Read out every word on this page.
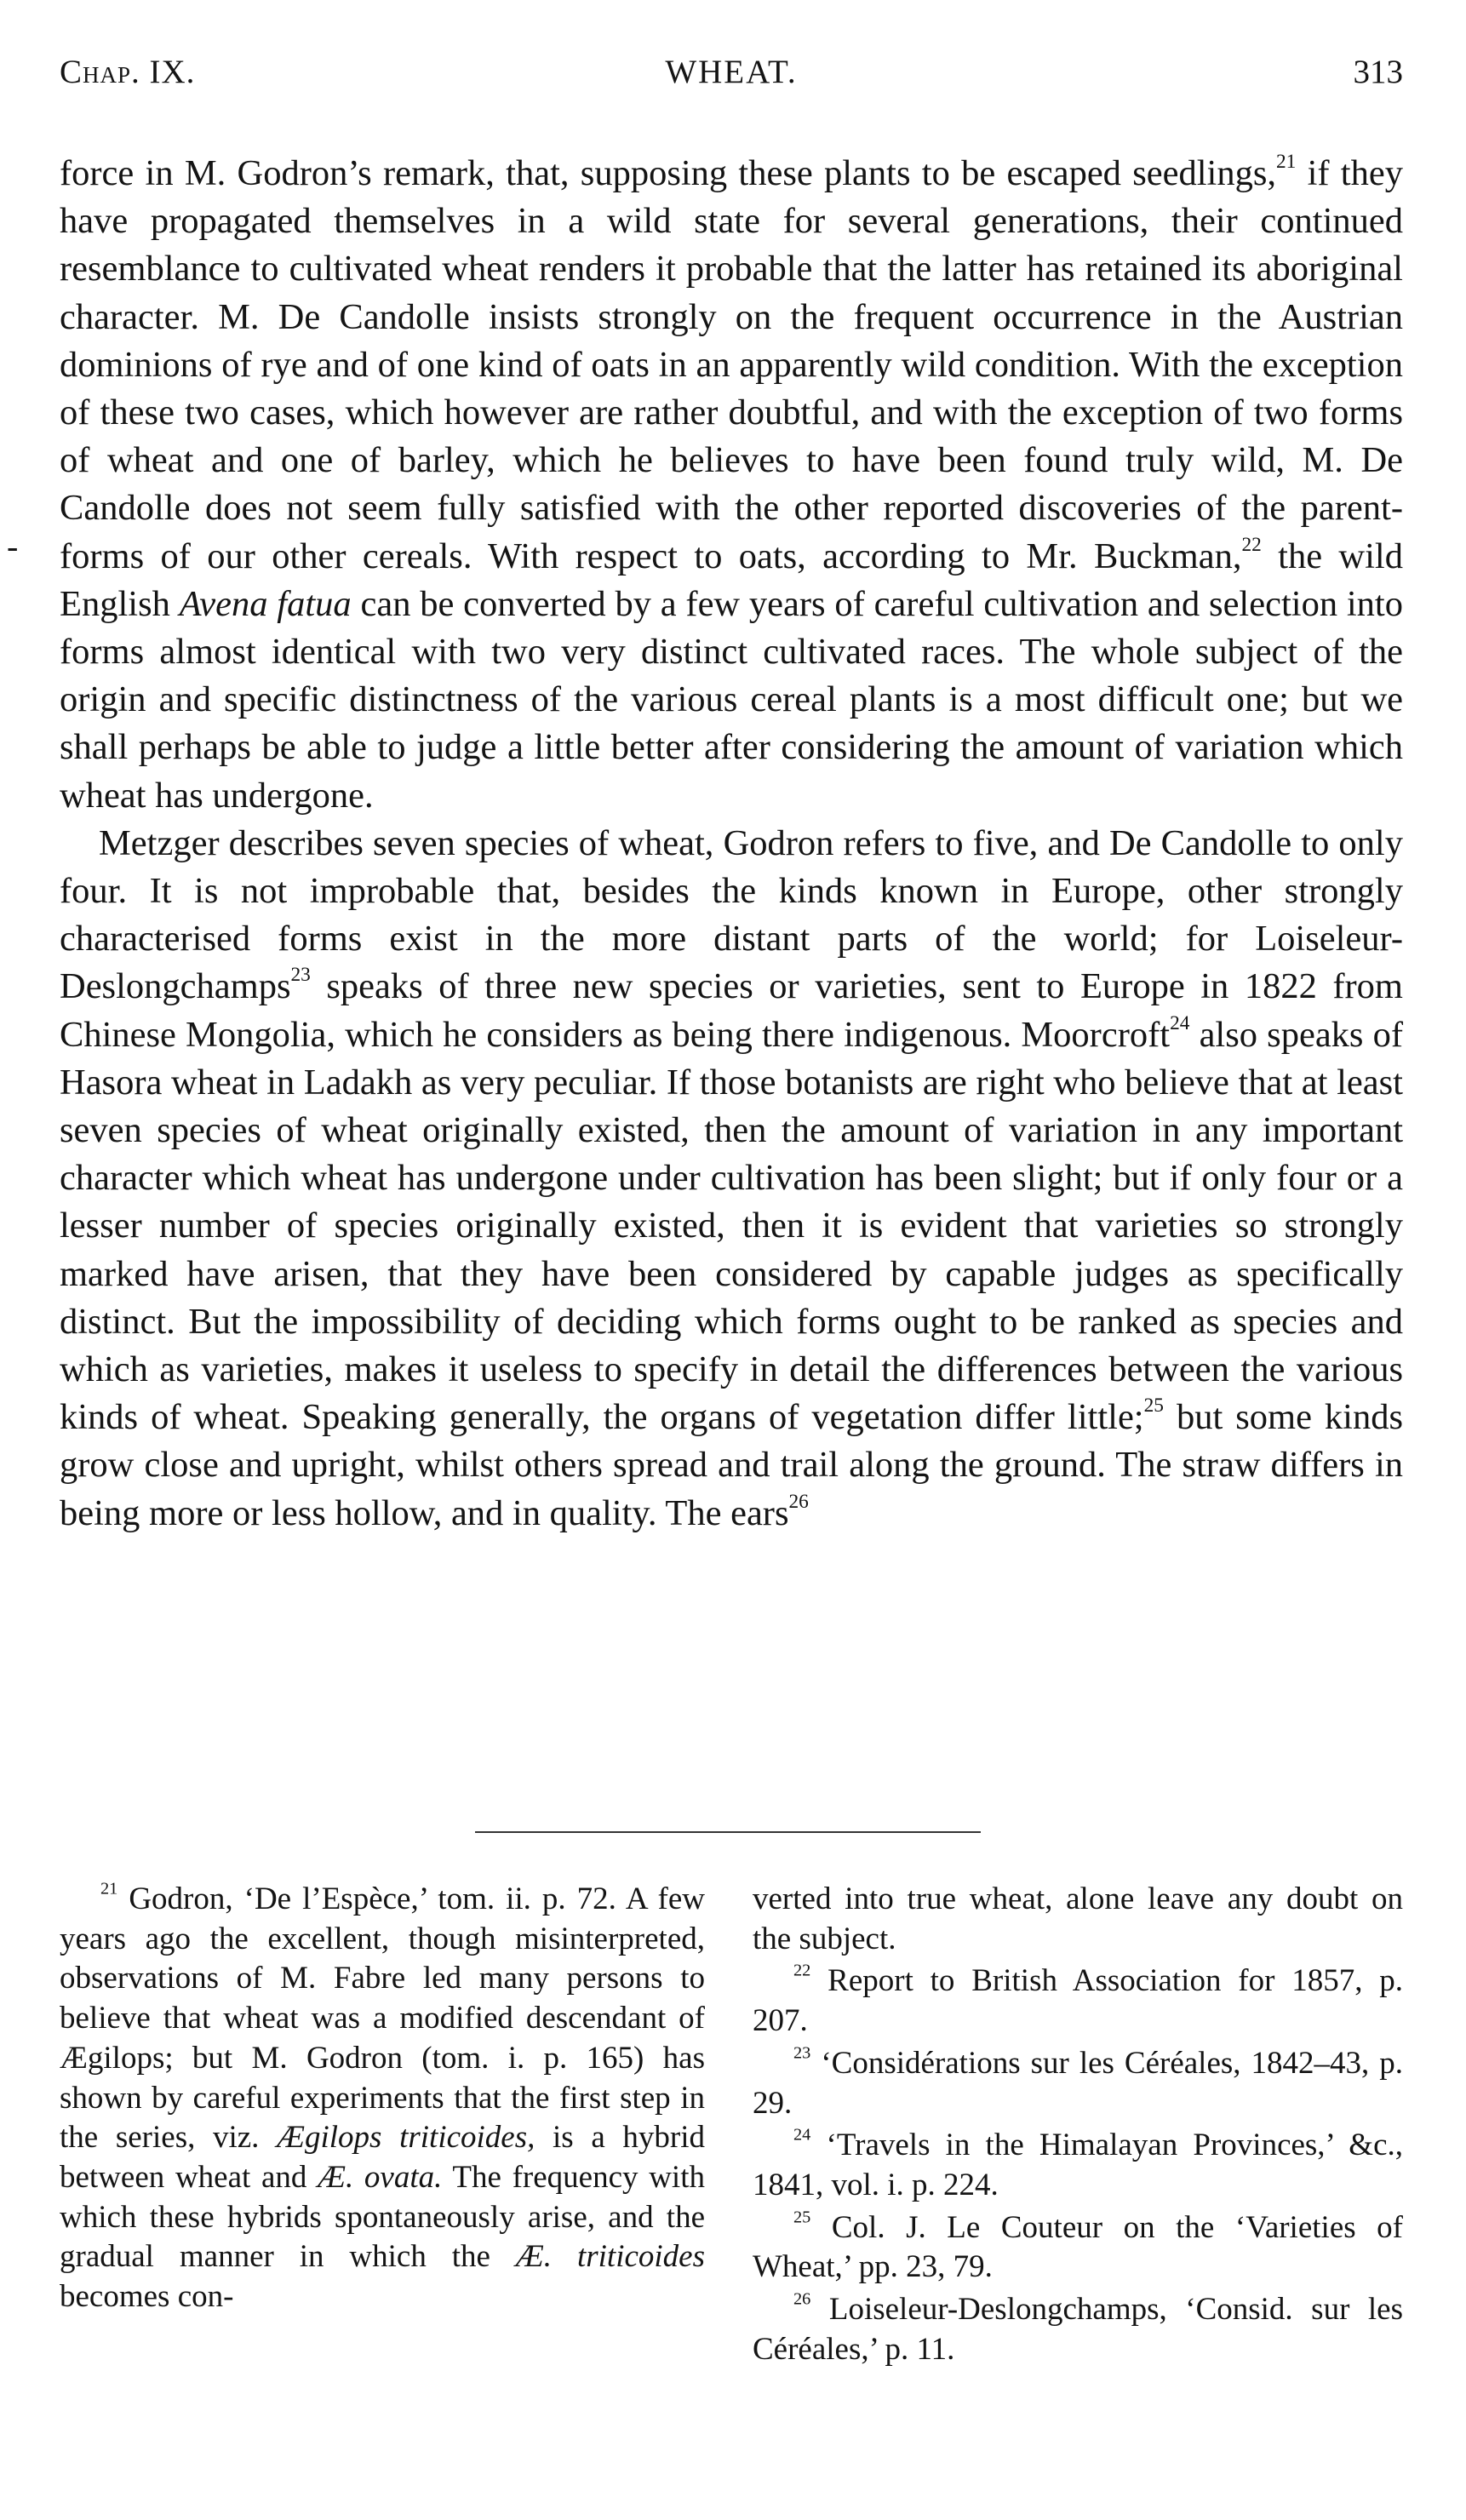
Chap. IX.	WHEAT.	313
-

force in M. Godron’s remark, that, supposing these plants to be escaped seedlings,$^{21}$ if they have propagated themselves in a wild state for several generations, their continued resemblance to cultivated wheat renders it probable that the latter has retained its aboriginal character. M. De Candolle insists strongly on the frequent occurrence in the Austrian dominions of rye and of one kind of oats in an apparently wild condition. With the exception of these two cases, which however are rather doubtful, and with the exception of two forms of wheat and one of barley, which he believes to have been found truly wild, M. De Candolle does not seem fully satisfied with the other reported discoveries of the parent-forms of our other cereals. With respect to oats, according to Mr. Buckman,$^{22}$ the wild English Avena fatua can be converted by a few years of careful cultivation and selection into forms almost identical with two very distinct cultivated races. The whole subject of the origin and specific distinctness of the various cereal plants is a most difficult one; but we shall perhaps be able to judge a little better after considering the amount of variation which wheat has undergone.

Metzger describes seven species of wheat, Godron refers to five, and De Candolle to only four. It is not improbable that, besides the kinds known in Europe, other strongly characterised forms exist in the more distant parts of the world; for Loiseleur-Deslongchamps$^{23}$ speaks of three new species or varieties, sent to Europe in 1822 from Chinese Mongolia, which he considers as being there indigenous. Moorcroft$^{24}$ also speaks of Hasora wheat in Ladakh as very peculiar. If those botanists are right who believe that at least seven species of wheat originally existed, then the amount of variation in any important character which wheat has undergone under cultivation has been slight; but if only four or a lesser number of species originally existed, then it is evident that varieties so strongly marked have arisen, that they have been considered by capable judges as specifically distinct. But the impossibility of deciding which forms ought to be ranked as species and which as varieties, makes it useless to specify in detail the differences between the various kinds of wheat. Speaking generally, the organs of vegetation differ little;$^{25}$ but some kinds grow close and upright, whilst others spread and trail along the ground. The straw differs in being more or less hollow, and in quality. The ears$^{26}$

$^{21}$ Godron, ‘De l’Espèce,’ tom. ii. p. 72. A few years ago the excellent, though misinterpreted, observations of M. Fabre led many persons to believe that wheat was a modified descendant of Ægilops; but M. Godron (tom. i. p. 165) has shown by careful experiments that the first step in the series, viz. Ægilops triticoides, is a hybrid between wheat and Æ. ovata. The frequency with which these hybrids spontaneously arise, and the gradual manner in which the Æ. triticoides becomes con-

verted into true wheat, alone leave any doubt on the subject.

$^{22}$ Report to British Association for 1857, p. 207.

$^{23}$ ‘Considérations sur les Céréales, 1842–43, p. 29.

$^{24}$ ‘Travels in the Himalayan Provinces,’ &c., 1841, vol. i. p. 224.

$^{25}$ Col. J. Le Couteur on the ‘Varieties of Wheat,’ pp. 23, 79.

$^{26}$ Loiseleur-Deslongchamps, ‘Consid. sur les Céréales,’ p. 11.
